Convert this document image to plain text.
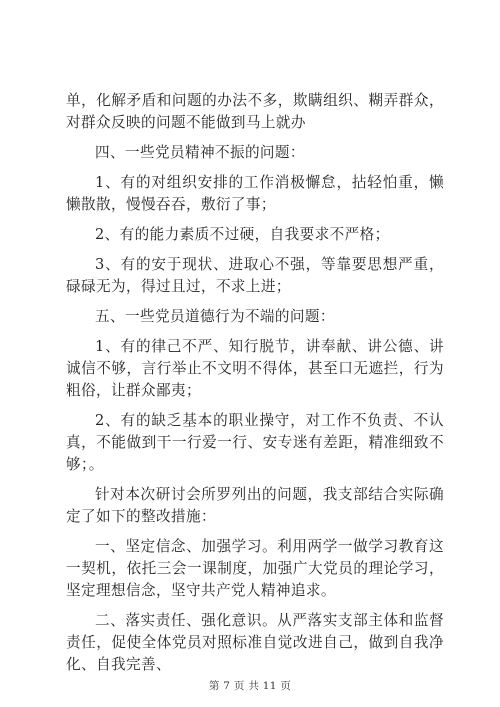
单，化解矛盾和问题的办法不多，欺瞒组织、糊弄群众，对群众反映的问题不能做到马上就办

四、一些党员精神不振的问题：

1、有的对组织安排的工作消极懈怠，拈轻怕重，懒懒散散，慢慢吞吞，敷衍了事；

2、有的能力素质不过硬，自我要求不严格；

3、有的安于现状、进取心不强，等靠要思想严重，碌碌无为，得过且过，不求上进；

五、一些党员道德行为不端的问题：

1、有的律己不严、知行脱节，讲奉献、讲公德、讲诚信不够，言行举止不文明不得体，甚至口无遮拦，行为粗俗，让群众鄙夷；

2、有的缺乏基本的职业操守，对工作不负责、不认真，不能做到干一行爱一行、安专迷有差距，精准细致不够；。

针对本次研讨会所罗列出的问题，我支部结合实际确定了如下的整改措施：

一、坚定信念、加强学习。利用两学一做学习教育这一契机，依托三会一课制度，加强广大党员的理论学习，坚定理想信念，坚守共产党人精神追求。

二、落实责任、强化意识。从严落实支部主体和监督责任，促使全体党员对照标准自觉改进自己，做到自我净化、自我完善、

第 7 页 共 11 页
